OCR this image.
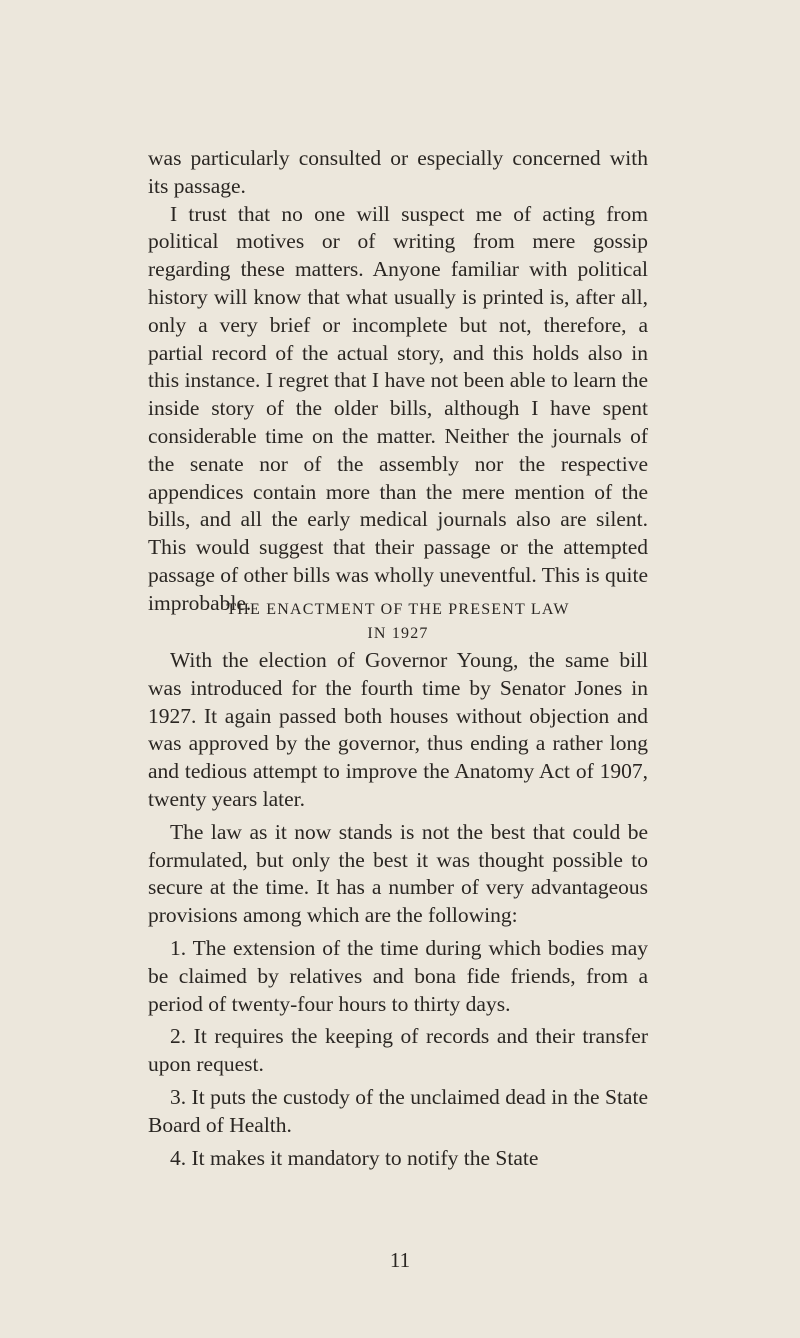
was particularly consulted or especially concerned with its passage.

I trust that no one will suspect me of acting from political motives or of writing from mere gossip regarding these matters. Anyone familiar with political history will know that what usually is printed is, after all, only a very brief or incomplete but not, therefore, a partial record of the actual story, and this holds also in this instance. I regret that I have not been able to learn the inside story of the older bills, although I have spent considerable time on the matter. Neither the journals of the senate nor of the assembly nor the respective appendices contain more than the mere mention of the bills, and all the early medical journals also are silent. This would suggest that their passage or the attempted passage of other bills was wholly uneventful. This is quite improbable.

THE ENACTMENT OF THE PRESENT LAW
IN 1927

With the election of Governor Young, the same bill was introduced for the fourth time by Senator Jones in 1927. It again passed both houses without objection and was approved by the governor, thus ending a rather long and tedious attempt to improve the Anatomy Act of 1907, twenty years later.

The law as it now stands is not the best that could be formulated, but only the best it was thought possible to secure at the time. It has a number of very advantageous provisions among which are the following:

1. The extension of the time during which bodies may be claimed by relatives and bona fide friends, from a period of twenty-four hours to thirty days.

2. It requires the keeping of records and their transfer upon request.

3. It puts the custody of the unclaimed dead in the State Board of Health.

4. It makes it mandatory to notify the State

11
